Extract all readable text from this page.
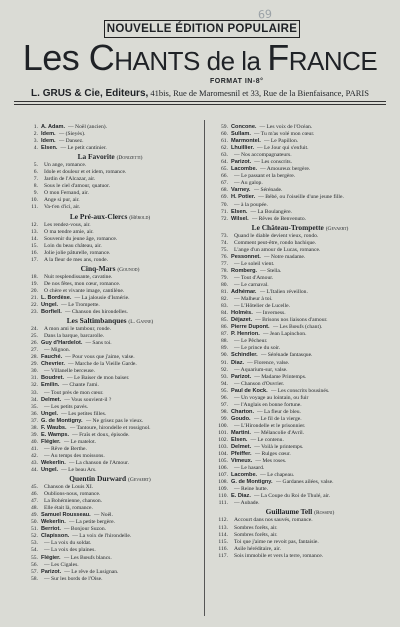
69
NOUVELLE ÉDITION POPULAIRE
Les CHANTS de la FRANCE
FORMAT IN-8°
L. GRUS & Cie, Editeurs, 41bis, Rue de Maromesnil et 33, Rue de la Bienfaisance, PARIS
1. A. Adam. — Noël (ancien).
2. Idem. — (Sieyès).
3. Idem. — Dansez.
4. Elsen. — Le petit cantinier.
La Favorite (Donizetti)
5.	Un ange, romance.
6.	Idole et douleur et et idem, romance.
7.	Jardin de l'Alcazar, air.
8.	Sous le ciel d'amour, quatuor.
9.	O mon Fernand, air.
10.	Ange si pur, air.
11.	Va-t'en d'ici, air.
Le Pré-aux-Clercs (Hérold)
12.	Les rendez-vous, air.
13.	O ma tendre amie, air.
14.	Souvenir du jeune âge, romance.
15.	Loin du beau château, air.
16.	Jolie jolie pâturelle, romance.
17.	A la fleur de mes ans, ronde.
Cinq-Mars (Gounod)
18.	Nuit resplendissante, cavatine.
19.	De nos fêtes, mon cœur, romance.
20.	O chère et vivante image, cantilène.
21. L. Bordèse. — La jalousie d'Ismérie.
22. Ungel. — Le Trompette.
23. Borfiell. — Chanson des hirondelles.
Les Saltimbanques (L. Ganne)
24.	A mon ami le tambour, ronde.
25.	Dans la barque, barcarolle.
26. Guy d'Hardelot. — Sans toi.
27.	— Mignon.
28. Fauché. — Pour vous que j'aime, valse.
29. Chevrier. — Marche de la Vieille Garde.
30.	— Villanelle berceuse.
31. Boudret. — Le Baiser de mon baiser.
32. Emilin. — Chante l'ami.
33.	— Tout près de mon cœur.
34. Delmet. — Vous souvient-il ?
35.	— Les petits pavés.
36. Ungel. — Les petites filles.
37. G. de Montigny. — Ne grisez pas le vieux.
38. F. Waubs. — Tantoure, hirondelle et rossignol.
39. E. Wamps. — Fraîs et doux, épisode.
40. Flégier. — Le matelot.
41.	— Rêve de Berthe.
42.	— Au temps des moissons.
43. Wekerlin. — La chanson de l'Amour.
44. Ungel. — Le beau Ars.
Quentin Durward (Gevaert)
45.	Chanson de Louis XI.
46.	Oublions-nous, romance.
47.	La Bohémienne, chanson.
48.	Elle était là, romance.
49. Samuel Rousseau. — Noël.
50. Wekerlin. — La petite bergère.
51. Berriot. — Bonjour Suzon.
52. Clapisson. — La voix de l'hirondelle.
53.	— La voix du soldat.
54.	— La voix des plaines.
55. Flégier. — Les Bœufs blancs.
56.	— Les Cigales.
57. Parizot. — Le rêve de Lusignan.
58.	— Sur les bords de l'Oise.
59. Concone. — Les voix de l'Océan.
60. Sullam. — Tu m'as volé mon cœur.
61. Marmontel. — Le Papillon.
62. Lhuillier. — Le Jour qui s'enfuit.
63.	— Nos accompagnateurs.
64. Parizot. — Les conscrits.
65. Lacombe. — Amoureux bergère.
66.	— Le passant et la bergère.
67.	— Au galop.
68. Varney. — Sérénade.
69. H. Potier. — Bébé, ou l'oiseille d'une jeune fille.
70.	— à la poupée.
71. Elsen. — La Boulangère.
72. Wilsel. — Rêves de Benvenuto.
Le Château-Trompette (Gevaert)
73.	Quand le diable devient vieux, rondo.
74.	Comment peut-être, rondo bachique.
75.	L'ange d'un amour de Lucas, romance.
76. Pessonnet. — Notre madame.
77.	— Le soleil vient.
78. Romberg. — Stella.
79.	— Tout d'Amour.
80.	— Le carnaval.
81. Adhémar. — L'Italien réveillon.
82.	— Malheur à toi.
83.	— L'Hôtelier de Lucelle.
84. Holmès. — Inverness.
85. Déjazet. — Brisons nos liaisons d'amour.
86. Pierre Dupont. — Les Bœufs (chant).
87. P. Henrion. — Jean Lapinchon.
88.	— Le Pêcheur.
89.	— Le prince du soir.
90. Schindler. — Sérénade fantasque.
91. Diaz. — Florence, valse.
92.	— Aquarium-sur, valse.
93. Parizot. — Madame Printemps.
94.	— Chanson d'Ouvrier.
95. Paul de Kock. — Les conscrits bousinés.
96.	— Un voyage au lointain, ou fuir
97.	— l'Anglais en bonne fortune.
98. Charton. — La fleur de bleu.
99. Goudo. — Le fil de la vierge.
100.	— L'Hirondelle et le prisonnier.
101. Martini. — Mélancolie d'Avril.
102. Elsen. — Le contenu.
103. Delmet. — Voilà le printemps.
104. Pfeiffer. — Rulges cœur.
105. Vimeux. — Mes roses.
106.	— Le hasard.
107. Lacombe. — Le chapeau.
108. G. de Montigny. — Gardanes ailées, valse.
109.	— Reine hutte.
110. E. Diaz. — La Coupe du Roi de Thulé, air.
111.	— Aubade.
Guillaume Tell (Rossini)
112.	Accourt dans nos sauvés, romance.
113.	Sombres forêts, air.
114.	Sombres forêts, air.
115.	Toi que j'aime ne revoit pas, fantaisie.
116.	Asile héréditaire, air.
117.	Sois immobile et vers la terre, romance.
